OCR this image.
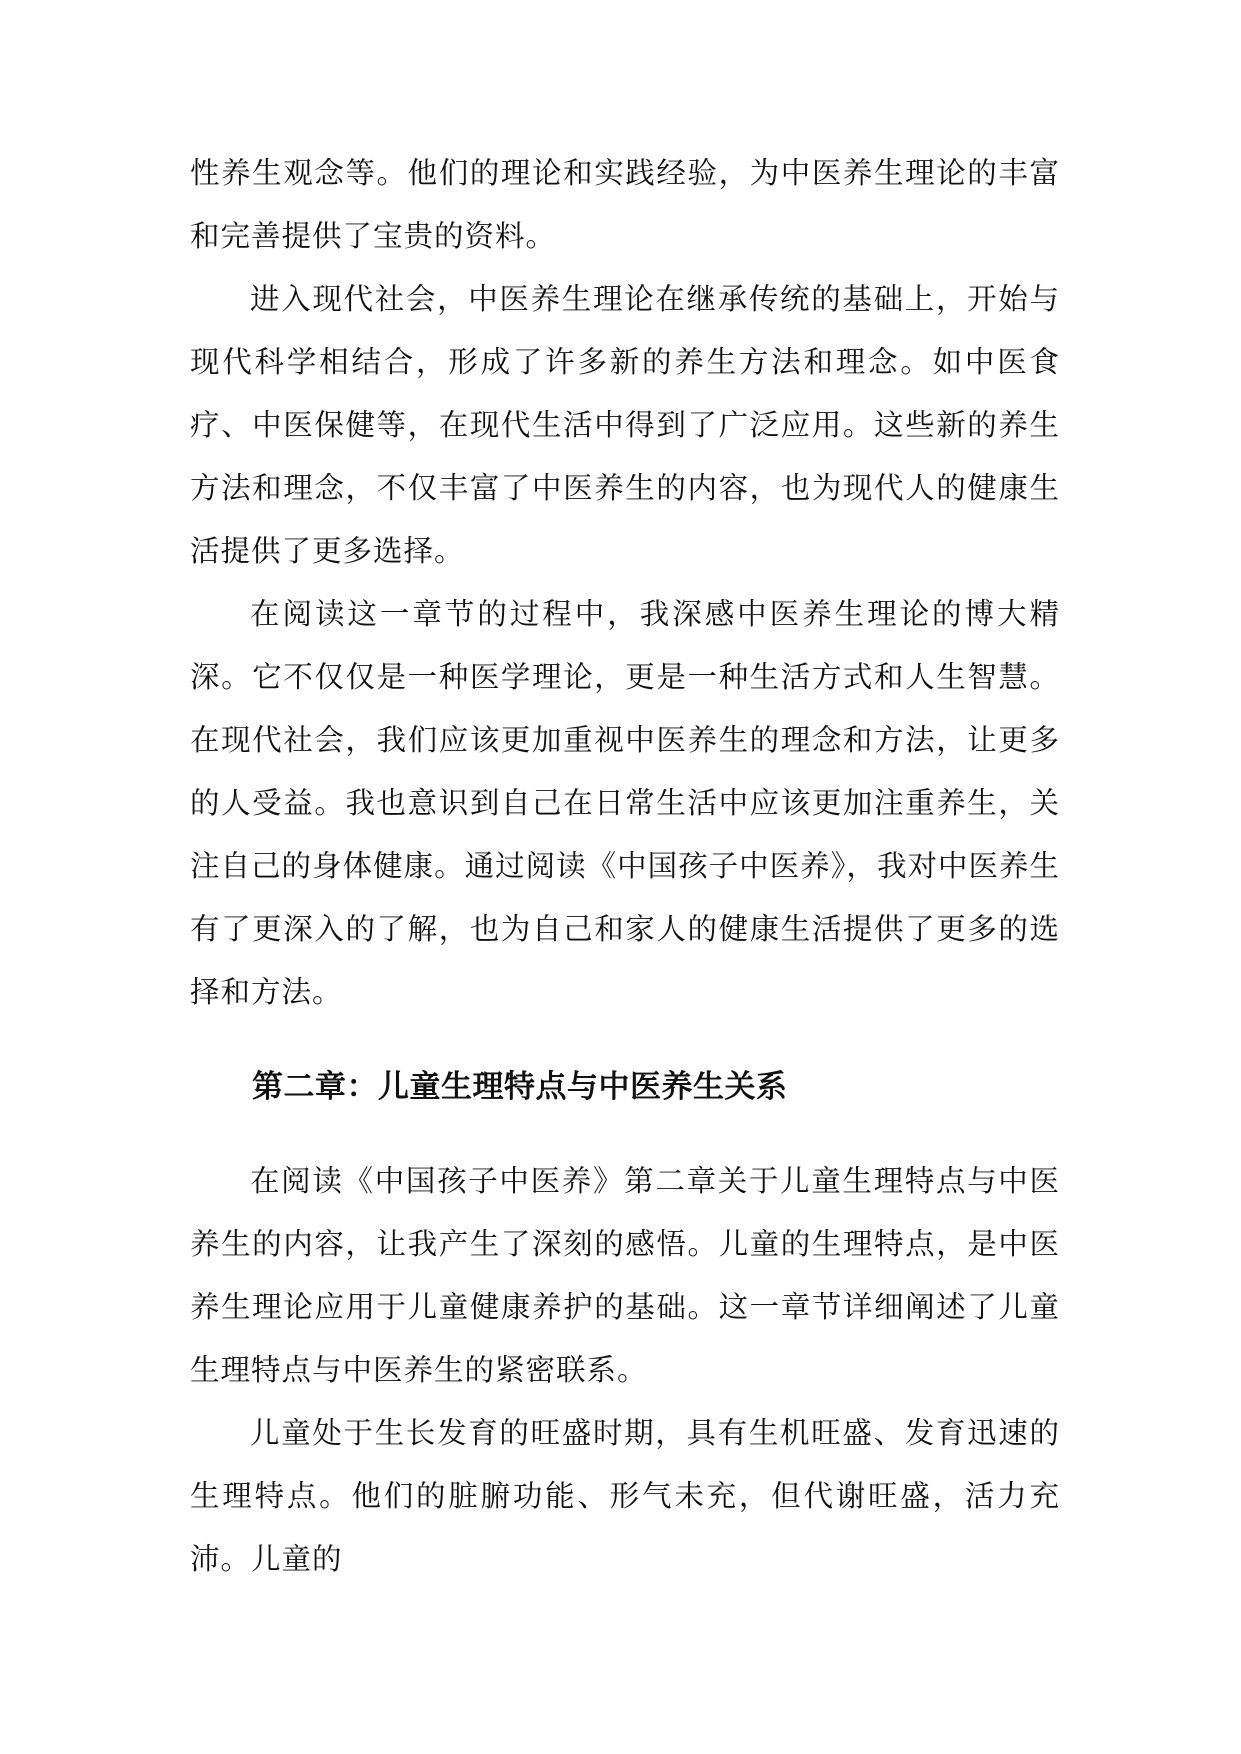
性养生观念等。他们的理论和实践经验，为中医养生理论的丰富和完善提供了宝贵的资料。

进入现代社会，中医养生理论在继承传统的基础上，开始与现代科学相结合，形成了许多新的养生方法和理念。如中医食疗、中医保健等，在现代生活中得到了广泛应用。这些新的养生方法和理念，不仅丰富了中医养生的内容，也为现代人的健康生活提供了更多选择。

在阅读这一章节的过程中，我深感中医养生理论的博大精深。它不仅仅是一种医学理论，更是一种生活方式和人生智慧。在现代社会，我们应该更加重视中医养生的理念和方法，让更多的人受益。我也意识到自己在日常生活中应该更加注重养生，关注自己的身体健康。通过阅读《中国孩子中医养》，我对中医养生有了更深入的了解，也为自己和家人的健康生活提供了更多的选择和方法。

第二章：儿童生理特点与中医养生关系

在阅读《中国孩子中医养》第二章关于儿童生理特点与中医养生的内容，让我产生了深刻的感悟。儿童的生理特点，是中医养生理论应用于儿童健康养护的基础。这一章节详细阐述了儿童生理特点与中医养生的紧密联系。

儿童处于生长发育的旺盛时期，具有生机旺盛、发育迅速的生理特点。他们的脏腑功能、形气未充，但代谢旺盛，活力充沛。儿童的
